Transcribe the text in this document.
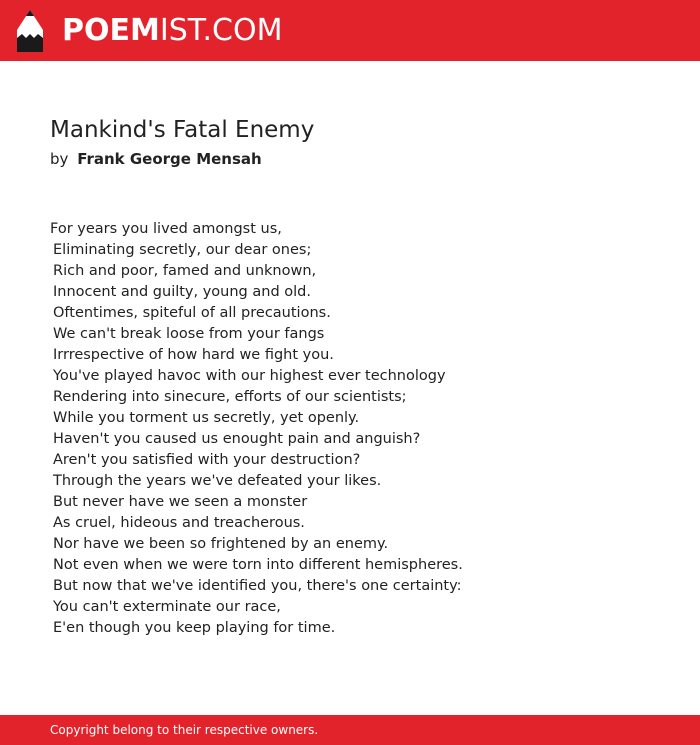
POEMIST.COM
Mankind's Fatal Enemy
by Frank George Mensah
For years you lived amongst us,
Eliminating secretly, our dear ones;
Rich and poor, famed and unknown,
Innocent and guilty, young and old.
Oftentimes, spiteful of all precautions.
We can't break loose from your fangs
Irrrespective of how hard we fight you.
You've played havoc with our highest ever technology
Rendering into sinecure, efforts of our scientists;
While you torment us secretly, yet openly.
Haven't you caused us enought pain and anguish?
Aren't you satisfied with your destruction?
Through the years we've defeated your likes.
But never have we seen a monster
As cruel, hideous and treacherous.
Nor have we been so frightened by an enemy.
Not even when we were torn into different hemispheres.
But now that we've identified you, there's one certainty:
You can't exterminate our race,
E'en though you keep playing for time.
Copyright belong to their respective owners.
